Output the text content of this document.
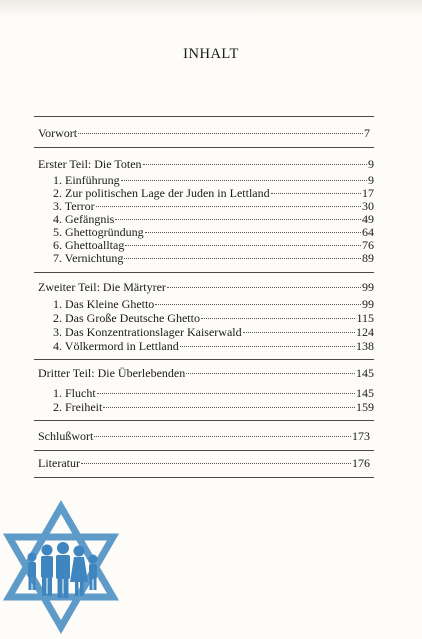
INHALT
Vorwort	7
Erster Teil: Die Toten	9
1. Einführung	9
2. Zur politischen Lage der Juden in Lettland	17
3. Terror	30
4. Gefängnis	49
5. Ghettogründung	64
6. Ghettoalltag	76
7. Vernichtung	89
Zweiter Teil: Die Märtyrer	99
1. Das Kleine Ghetto	99
2. Das Große Deutsche Ghetto	115
3. Das Konzentrationslager Kaiserwald	124
4. Völkermord in Lettland	138
Dritter Teil: Die Überlebenden	145
1. Flucht	145
2. Freiheit	159
Schlußwort	173
Literatur	176
